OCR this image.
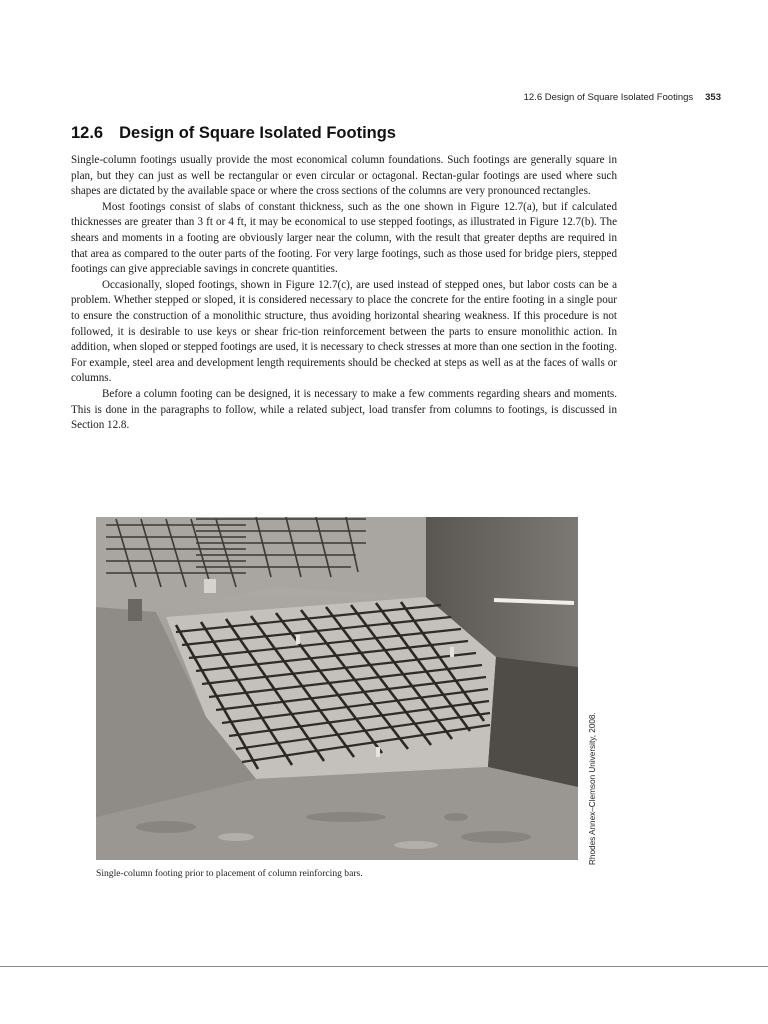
12.6 Design of Square Isolated Footings 353
12.6 Design of Square Isolated Footings

Single-column footings usually provide the most economical column foundations. Such footings are generally square in plan, but they can just as well be rectangular or even circular or octagonal. Rectan-gular footings are used where such shapes are dictated by the available space or where the cross sections of the columns are very pronounced rectangles.

Most footings consist of slabs of constant thickness, such as the one shown in Figure 12.7(a), but if calculated thicknesses are greater than 3 ft or 4 ft, it may be economical to use stepped footings, as illustrated in Figure 12.7(b). The shears and moments in a footing are obviously larger near the column, with the result that greater depths are required in that area as compared to the outer parts of the footing. For very large footings, such as those used for bridge piers, stepped footings can give appreciable savings in concrete quantities.

Occasionally, sloped footings, shown in Figure 12.7(c), are used instead of stepped ones, but labor costs can be a problem. Whether stepped or sloped, it is considered necessary to place the concrete for the entire footing in a single pour to ensure the construction of a monolithic structure, thus avoiding horizontal shearing weakness. If this procedure is not followed, it is desirable to use keys or shear fric-tion reinforcement between the parts to ensure monolithic action. In addition, when sloped or stepped footings are used, it is necessary to check stresses at more than one section in the footing. For example, steel area and development length requirements should be checked at steps as well as at the faces of walls or columns.

Before a column footing can be designed, it is necessary to make a few comments regarding shears and moments. This is done in the paragraphs to follow, while a related subject, load transfer from columns to footings, is discussed in Section 12.8.

Rhodes Annex–Clemson University, 2008.
Single-column footing prior to placement of column reinforcing bars.
